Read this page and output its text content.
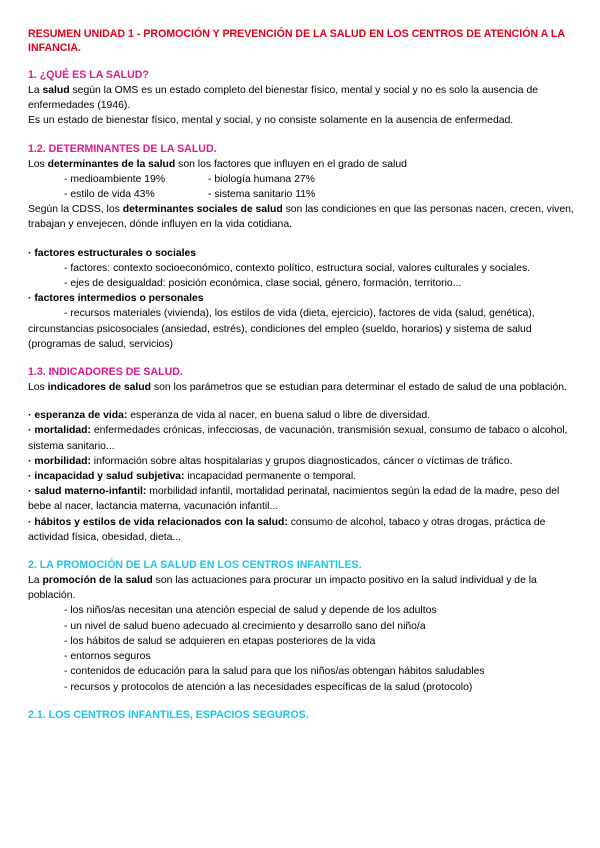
RESUMEN UNIDAD 1 - PROMOCIÓN Y PREVENCIÓN DE LA SALUD EN LOS CENTROS DE ATENCIÓN A LA INFANCIA.

1. ¿QUÉ ES LA SALUD?

La salud según la OMS es un estado completo del bienestar físico, mental y social y no es solo la ausencia de enfermedades (1946).

Es un estado de bienestar físico, mental y social, y no consiste solamente en la ausencia de enfermedad.

1.2. DETERMINANTES DE LA SALUD.

Los determinantes de la salud son los factores que influyen en el grado de salud

- medioambiente 19%	- biología humana 27%
- estilo de vida 43%	- sistema sanitario 11%

Según la CDSS, los determinantes sociales de salud son las condiciones en que las personas nacen, crecen, viven, trabajan y envejecen, dónde influyen en la vida cotidiana.

· factores estructurales o sociales

- factores: contexto socioeconómico, contexto político, estructura social, valores culturales y sociales.

- ejes de desigualdad: posición económica, clase social, género, formación, territorio...

· factores intermedios o personales

- recursos materiales (vivienda), los estilos de vida (dieta, ejercicio), factores de vida (salud, genética), circunstancias psicosociales (ansiedad, estrés), condiciones del empleo (sueldo, horarios) y sistema de salud (programas de salud, servicios)

1.3. INDICADORES DE SALUD.

Los indicadores de salud son los parámetros que se estudian para determinar el estado de salud de una población.

· esperanza de vida: esperanza de vida al nacer, en buena salud o libre de diversidad.

· mortalidad: enfermedades crónicas, infecciosas, de vacunación, transmisión sexual, consumo de tabaco o alcohol, sistema sanitario...

· morbilidad: información sobre altas hospitalarias y grupos diagnosticados, cáncer o víctimas de tráfico.

· incapacidad y salud subjetiva: incapacidad permanente o temporal.

· salud materno-infantil: morbilidad infantil, mortalidad perinatal, nacimientos según la edad de la madre, peso del bebe al nacer, lactancia materna, vacunación infantil...

· hábitos y estilos de vida relacionados con la salud: consumo de alcohol, tabaco y otras drogas, práctica de actividad física, obesidad, dieta...

2. LA PROMOCIÓN DE LA SALUD EN LOS CENTROS INFANTILES.

La promoción de la salud son las actuaciones para procurar un impacto positivo en la salud individual y de la población.

- los niños/as necesitan una atención especial de salud y depende de los adultos

- un nivel de salud bueno adecuado al crecimiento y desarrollo sano del niño/a

- los hábitos de salud se adquieren en etapas posteriores de la vida

- entornos seguros

- contenidos de educación para la salud para que los niños/as obtengan hábitos saludables

- recursos y protocolos de atención a las necesidades específicas de la salud (protocolo)

2.1. LOS CENTROS INFANTILES, ESPACIOS SEGUROS.
